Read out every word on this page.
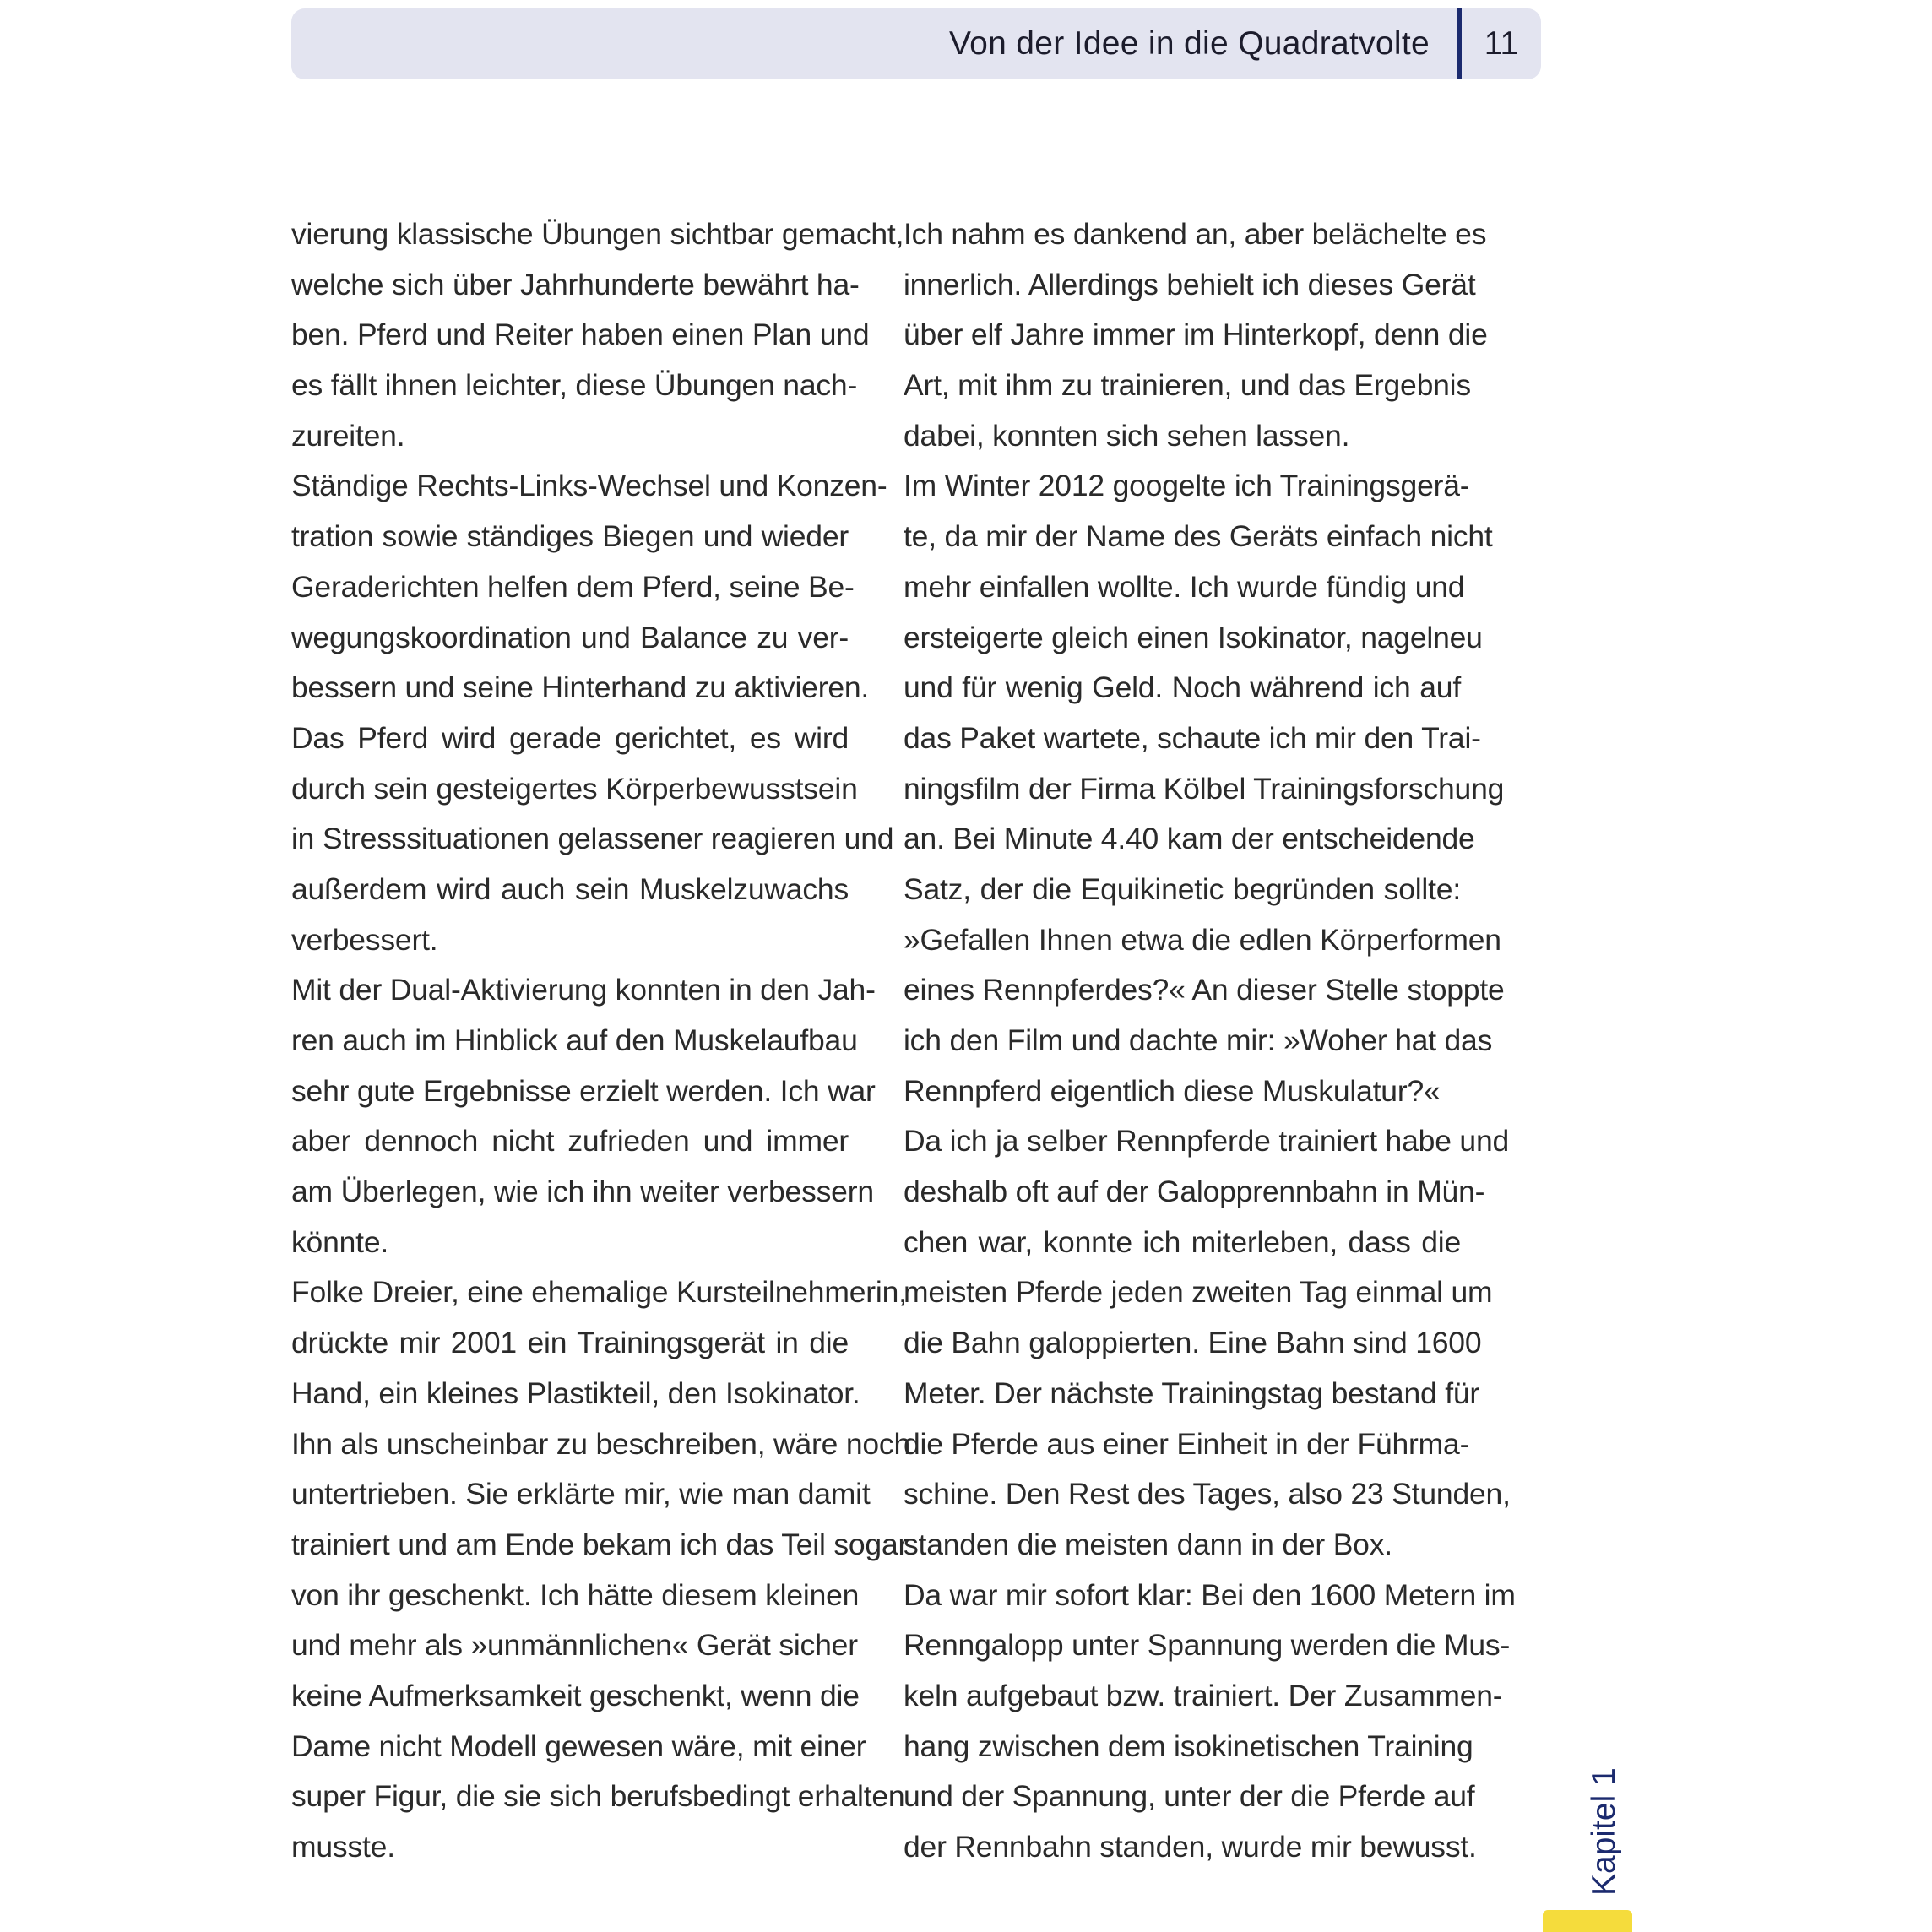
Von der Idee in die Quadratvolte	11
vierung klassische Übungen sichtbar gemacht,
welche sich über Jahrhunderte bewährt ha-
ben. Pferd und Reiter haben einen Plan und
es fällt ihnen leichter, diese Übungen nach-
zureiten.
Ständige Rechts-Links-Wechsel und Konzen-
tration sowie ständiges Biegen und wieder
Geraderichten helfen dem Pferd, seine Be-
wegungskoordination und Balance zu ver-
bessern und seine Hinterhand zu aktivieren.
Das Pferd wird gerade gerichtet, es wird
durch sein gesteigertes Körperbewusstsein
in Stresssituationen gelassener reagieren und
außerdem wird auch sein Muskelzuwachs
verbessert.
Mit der Dual-Aktivierung konnten in den Jah-
ren auch im Hinblick auf den Muskelaufbau
sehr gute Ergebnisse erzielt werden. Ich war
aber dennoch nicht zufrieden und immer
am Überlegen, wie ich ihn weiter verbessern
könnte.
Folke Dreier, eine ehemalige Kursteilnehmerin,
drückte mir 2001 ein Trainingsgerät in die
Hand, ein kleines Plastikteil, den Isokinator.
Ihn als unscheinbar zu beschreiben, wäre noch
untertrieben. Sie erklärte mir, wie man damit
trainiert und am Ende bekam ich das Teil sogar
von ihr geschenkt. Ich hätte diesem kleinen
und mehr als »unmännlichen« Gerät sicher
keine Aufmerksamkeit geschenkt, wenn die
Dame nicht Modell gewesen wäre, mit einer
super Figur, die sie sich berufsbedingt erhalten
musste.
Ich nahm es dankend an, aber belächelte es
innerlich. Allerdings behielt ich dieses Gerät
über elf Jahre immer im Hinterkopf, denn die
Art, mit ihm zu trainieren, und das Ergebnis
dabei, konnten sich sehen lassen.
Im Winter 2012 googelte ich Trainingsgerä-
te, da mir der Name des Geräts einfach nicht
mehr einfallen wollte. Ich wurde fündig und
ersteigerte gleich einen Isokinator, nagelneu
und für wenig Geld. Noch während ich auf
das Paket wartete, schaute ich mir den Trai-
ningsfilm der Firma Kölbel Trainingsforschung
an. Bei Minute 4.40 kam der entscheidende
Satz, der die Equikinetic begründen sollte:
»Gefallen Ihnen etwa die edlen Körperformen
eines Rennpferdes?« An dieser Stelle stoppte
ich den Film und dachte mir: »Woher hat das
Rennpferd eigentlich diese Muskulatur?«
Da ich ja selber Rennpferde trainiert habe und
deshalb oft auf der Galopprennbahn in Mün-
chen war, konnte ich miterleben, dass die
meisten Pferde jeden zweiten Tag einmal um
die Bahn galoppierten. Eine Bahn sind 1600
Meter. Der nächste Trainingstag bestand für
die Pferde aus einer Einheit in der Führma-
schine. Den Rest des Tages, also 23 Stunden,
standen die meisten dann in der Box.
Da war mir sofort klar: Bei den 1600 Metern im
Renngalopp unter Spannung werden die Mus-
keln aufgebaut bzw. trainiert. Der Zusammen-
hang zwischen dem isokinetischen Training
und der Spannung, unter der die Pferde auf
der Rennbahn standen, wurde mir bewusst.	Kapitel 1
